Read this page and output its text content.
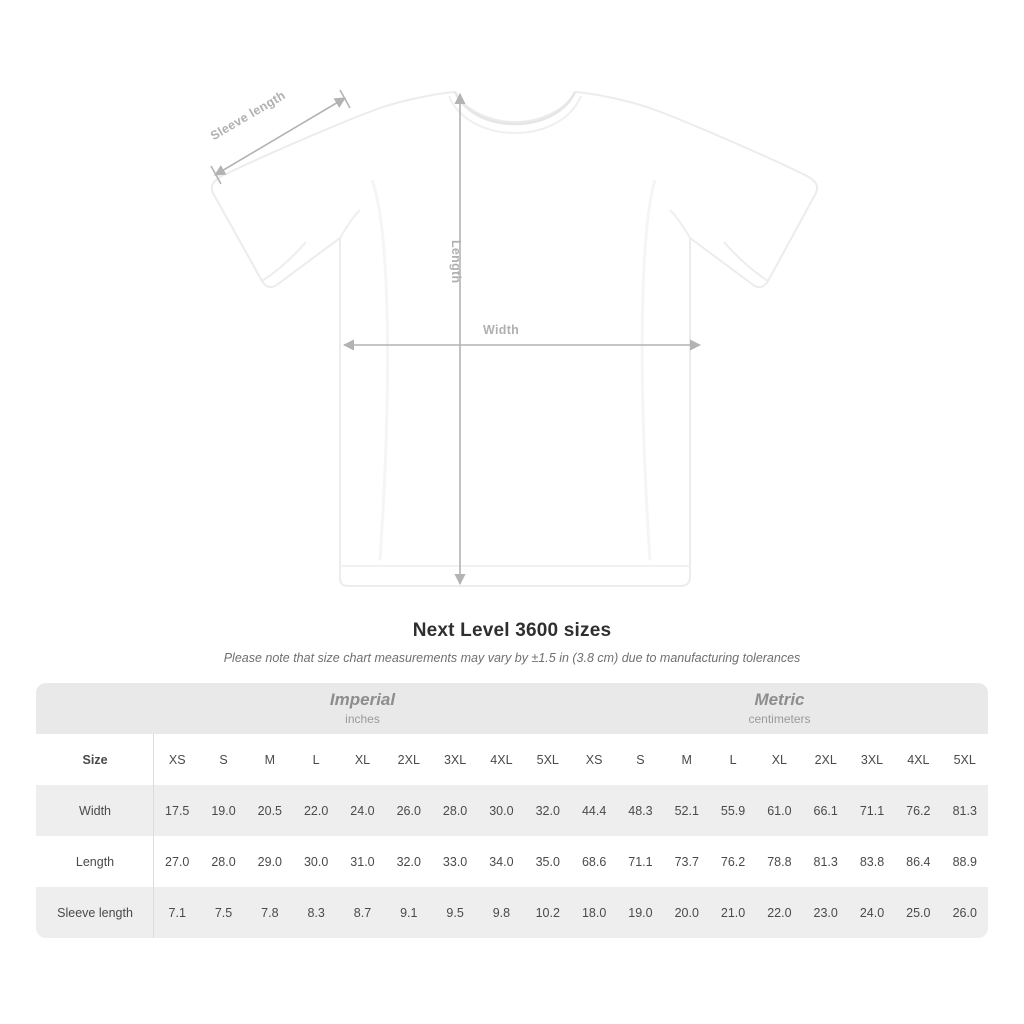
Length
Width
Sleeve length
Next Level 3600 sizes

Please note that size chart measurements may vary by ±1.5 in (3.8 cm) due to manufacturing tolerances

Imperial
inches

Metric
centimeters

Size	XS	S	M	L	XL	2XL	3XL	4XL	5XL	XS	S	M	L	XL	2XL	3XL	4XL	5XL
Width	17.5	19.0	20.5	22.0	24.0	26.0	28.0	30.0	32.0	44.4	48.3	52.1	55.9	61.0	66.1	71.1	76.2	81.3
Length	27.0	28.0	29.0	30.0	31.0	32.0	33.0	34.0	35.0	68.6	71.1	73.7	76.2	78.8	81.3	83.8	86.4	88.9
Sleeve length	7.1	7.5	7.8	8.3	8.7	9.1	9.5	9.8	10.2	18.0	19.0	20.0	21.0	22.0	23.0	24.0	25.0	26.0
